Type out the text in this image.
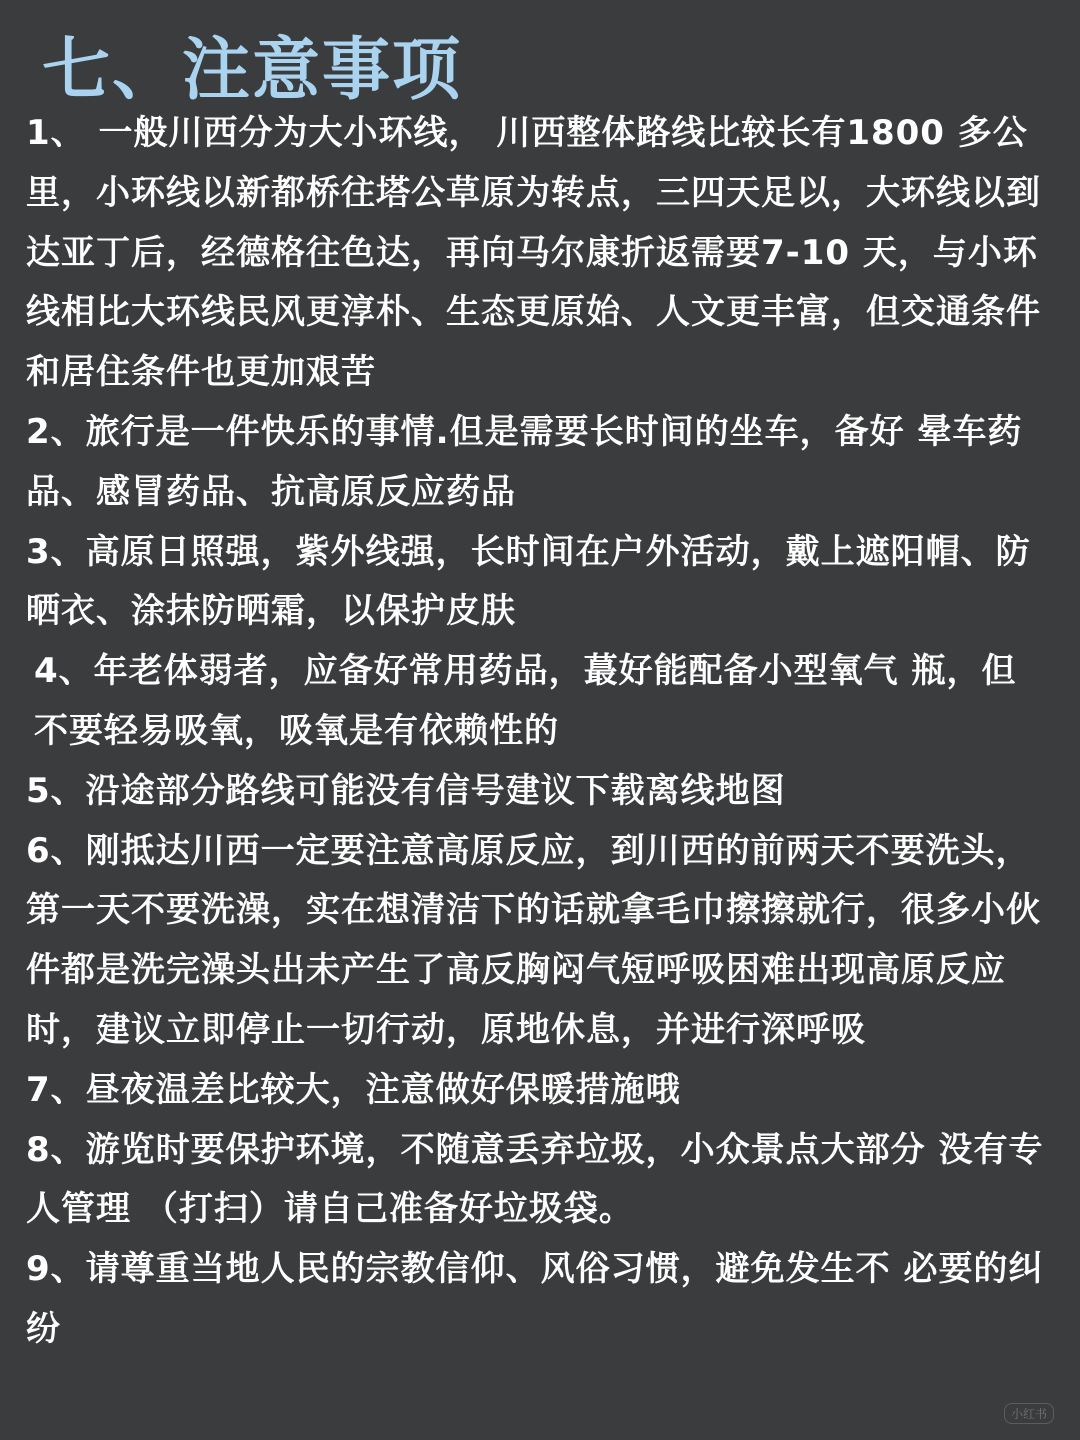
七、注意事项

1、 一般川西分为大小环线， 川西整体路线比较长有1800 多公里，小环线以新都桥往塔公草原为转点，三四天足以，大环线以到达亚丁后，经德格往色达，再向马尔康折返需要7-10 天，与小环线相比大环线民风更淳朴、生态更原始、人文更丰富，但交通条件和居住条件也更加艰苦

2、旅行是一件快乐的事情.但是需要长时间的坐车，备好 晕车药品、感冒药品、抗高原反应药品

3、高原日照强，紫外线强，长时间在户外活动，戴上遮阳帽、防晒衣、涂抹防晒霜，以保护皮肤

4、年老体弱者，应备好常用药品，蕞好能配备小型氧气 瓶，但不要轻易吸氧，吸氧是有依赖性的

5、沿途部分路线可能没有信号建议下载离线地图

6、刚抵达川西一定要注意高原反应，到川西的前两天不要洗头，第一天不要洗澡，实在想清洁下的话就拿毛巾擦擦就行，很多小伙件都是洗完澡头出未产生了高反胸闷气短呼吸困难出现高原反应时，建议立即停止一切行动，原地休息，并进行深呼吸

7、昼夜温差比较大，注意做好保暖措施哦

8、游览时要保护环境，不随意丢弃垃圾，小众景点大部分 没有专人管理 （打扫）请自己准备好垃圾袋。

9、请尊重当地人民的宗教信仰、风俗习惯，避免发生不 必要的纠纷

小红书
